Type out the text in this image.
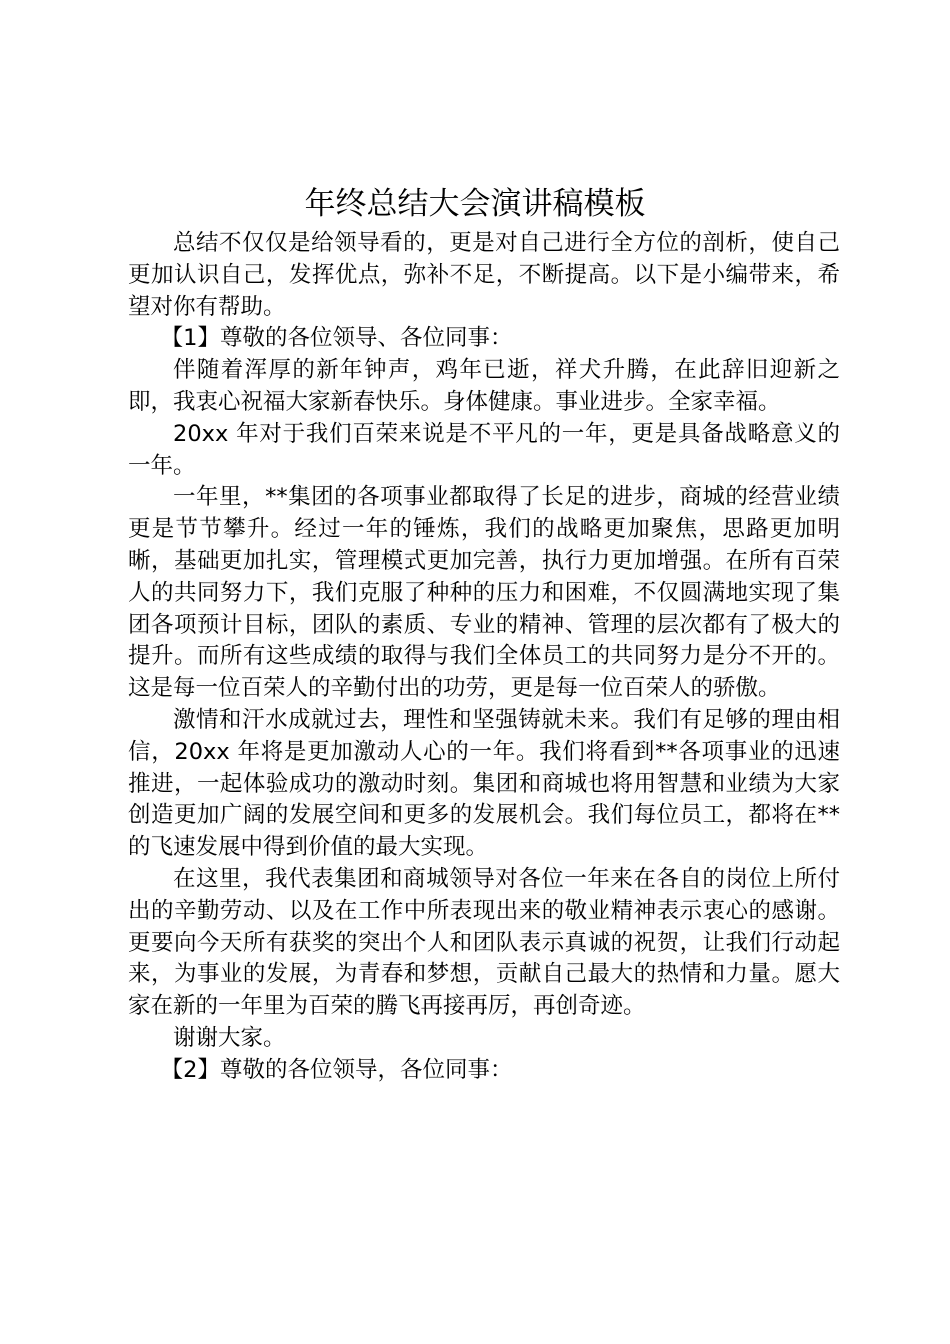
年终总结大会演讲稿模板

总结不仅仅是给领导看的，更是对自己进行全方位的剖析，使自己更加认识自己，发挥优点，弥补不足，不断提高。以下是小编带来，希望对你有帮助。

【1】尊敬的各位领导、各位同事：

伴随着浑厚的新年钟声，鸡年已逝，祥犬升腾，在此辞旧迎新之即，我衷心祝福大家新春快乐。身体健康。事业进步。全家幸福。

20xx 年对于我们百荣来说是不平凡的一年，更是具备战略意义的一年。

一年里，**集团的各项事业都取得了长足的进步，商城的经营业绩更是节节攀升。经过一年的锤炼，我们的战略更加聚焦，思路更加明晰，基础更加扎实，管理模式更加完善，执行力更加增强。在所有百荣人的共同努力下，我们克服了种种的压力和困难，不仅圆满地实现了集团各项预计目标，团队的素质、专业的精神、管理的层次都有了极大的提升。而所有这些成绩的取得与我们全体员工的共同努力是分不开的。这是每一位百荣人的辛勤付出的功劳，更是每一位百荣人的骄傲。

激情和汗水成就过去，理性和坚强铸就未来。我们有足够的理由相信，20xx 年将是更加激动人心的一年。我们将看到**各项事业的迅速推进，一起体验成功的激动时刻。集团和商城也将用智慧和业绩为大家创造更加广阔的发展空间和更多的发展机会。我们每位员工，都将在**的飞速发展中得到价值的最大实现。

在这里，我代表集团和商城领导对各位一年来在各自的岗位上所付出的辛勤劳动、以及在工作中所表现出来的敬业精神表示衷心的感谢。更要向今天所有获奖的突出个人和团队表示真诚的祝贺，让我们行动起来，为事业的发展，为青春和梦想，贡献自己最大的热情和力量。愿大家在新的一年里为百荣的腾飞再接再厉，再创奇迹。

谢谢大家。

【2】尊敬的各位领导，各位同事：
